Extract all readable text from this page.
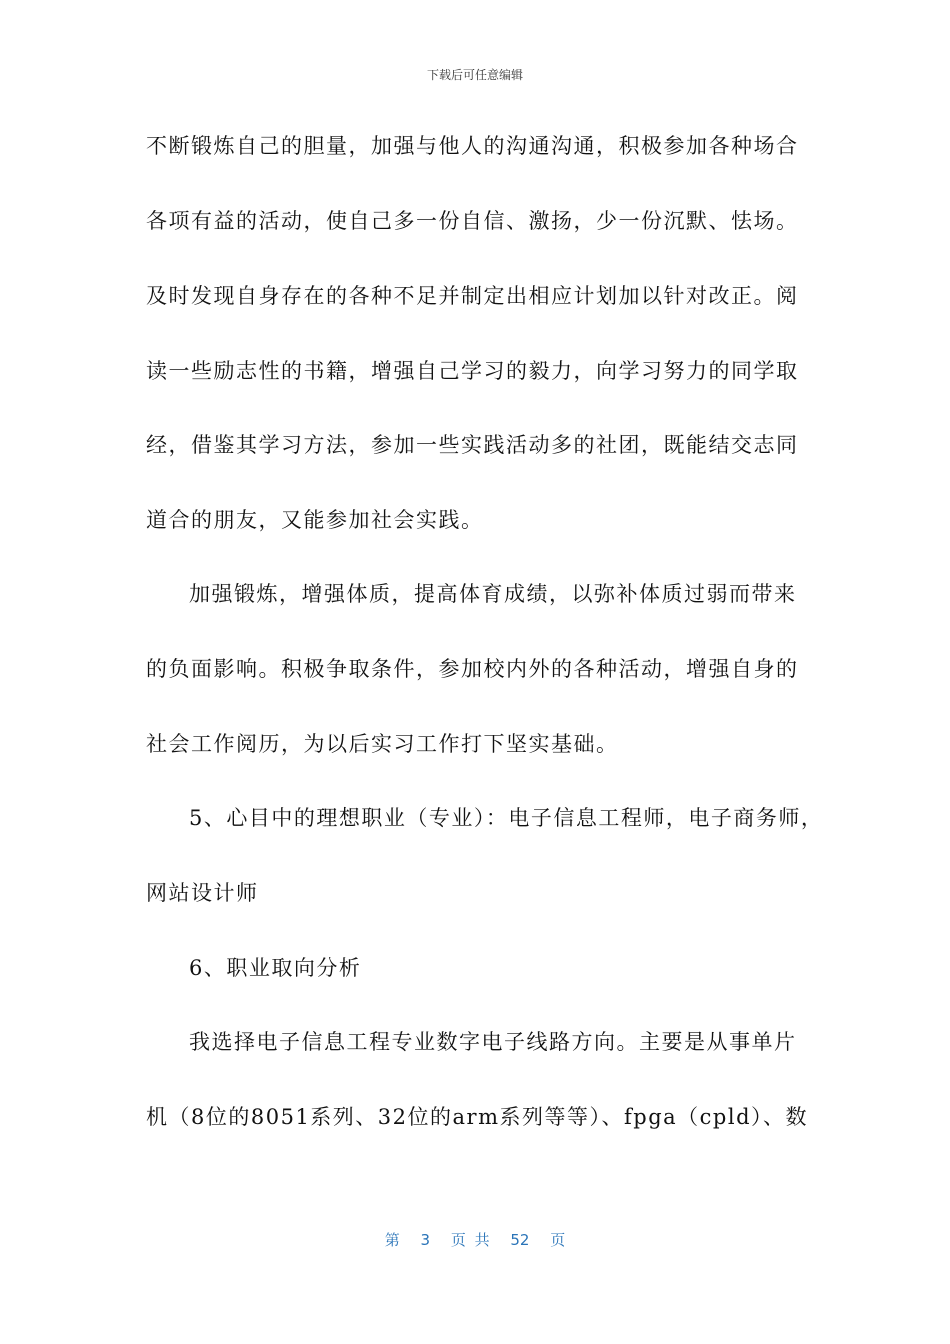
下载后可任意编辑
不断锻炼自己的胆量，加强与他人的沟通沟通，积极参加各种场合
各项有益的活动，使自己多一份自信、激扬，少一份沉默、怯场。
及时发现自身存在的各种不足并制定出相应计划加以针对改正。阅
读一些励志性的书籍，增强自己学习的毅力，向学习努力的同学取
经，借鉴其学习方法，参加一些实践活动多的社团，既能结交志同
道合的朋友，又能参加社会实践。
加强锻炼，增强体质，提高体育成绩，以弥补体质过弱而带来
的负面影响。积极争取条件，参加校内外的各种活动，增强自身的
社会工作阅历，为以后实习工作打下坚实基础。
5、心目中的理想职业（专业）：电子信息工程师，电子商务师，
网站设计师
6、职业取向分析
我选择电子信息工程专业数字电子线路方向。主要是从事单片
机（8位的8051系列、32位的arm系列等等）、fpga（cpld）、数
第 3 页 共 52 页
